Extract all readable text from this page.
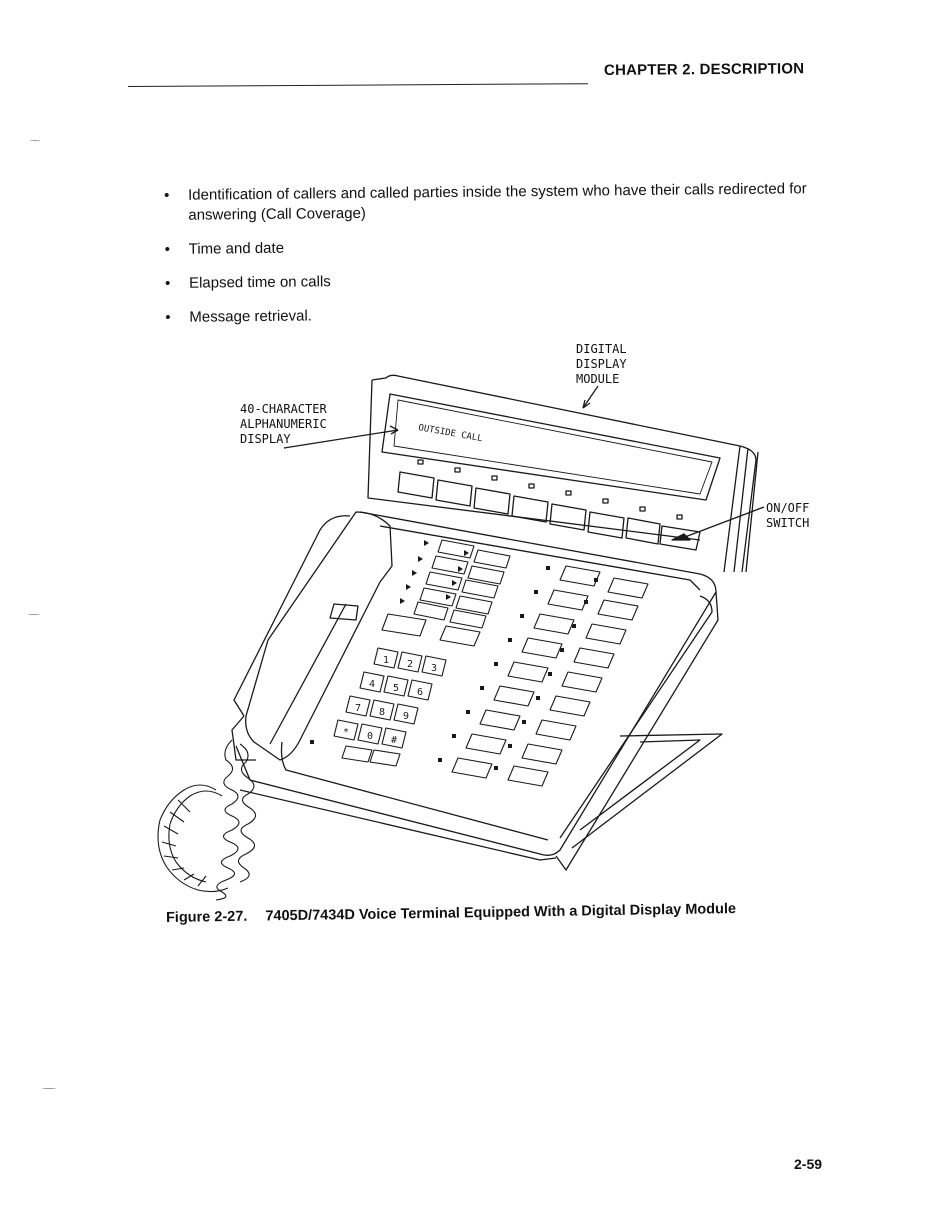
CHAPTER 2. DESCRIPTION
• Identification of callers and called parties inside the system who have their calls redirected for answering (Call Coverage)
• Time and date
• Elapsed time on calls
• Message retrieval.
DIGITAL
DISPLAY
MODULE
40-CHARACTER
ALPHANUMERIC
DISPLAY
ON/OFF
SWITCH
OUTSIDE CALL
1 2 3
4 5 6
7 8 9
* 0 #
Figure 2-27. 7405D/7434D Voice Terminal Equipped With a Digital Display Module
2-59
